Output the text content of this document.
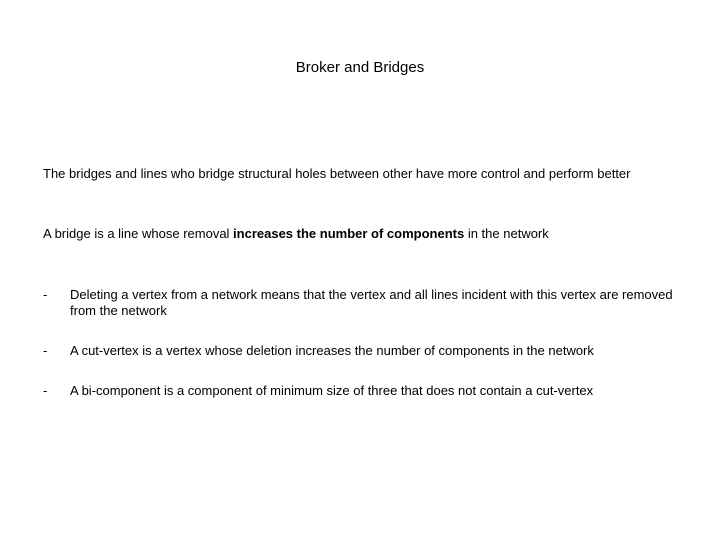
Broker and Bridges
The bridges and lines who bridge structural holes between other have more control and perform better
A bridge is a line whose removal increases the number of components in the network
- Deleting a vertex from a network means that the vertex and all lines incident with this vertex are removed from the network
- A cut-vertex is a vertex whose deletion increases the number of components in the network
- A bi-component is a component of minimum size of three that does not contain a cut-vertex
